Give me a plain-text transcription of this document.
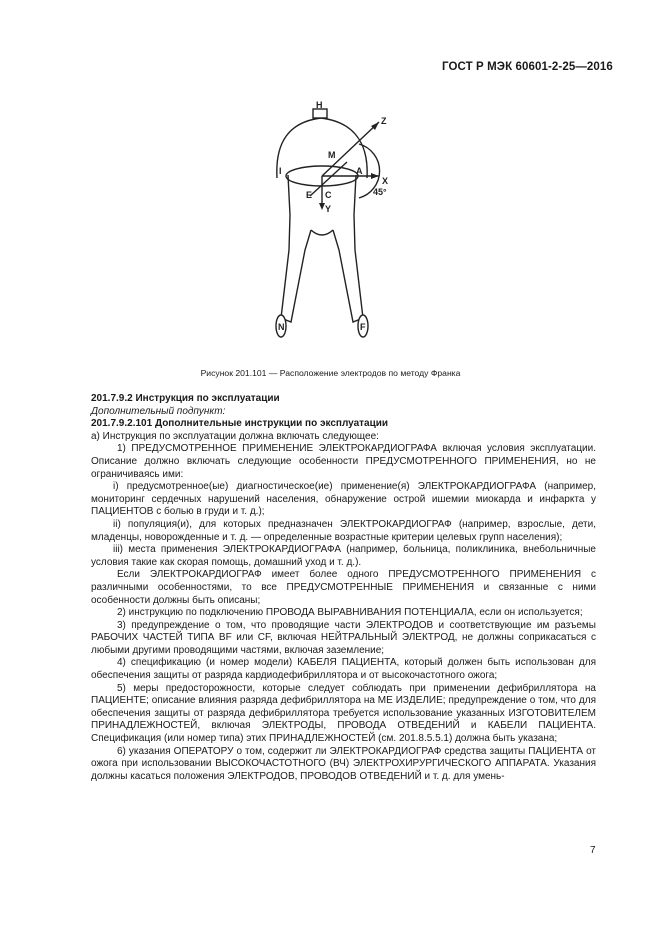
ГОСТ Р МЭК 60601-2-25—2016
H
Z
M
I	A
E C
X
45°
Y
N	F
Рисунок 201.101 — Расположение электродов по методу Франка

201.7.9.2 Инструкция по эксплуатации

Дополнительный подпункт:

201.7.9.2.101 Дополнительные инструкции по эксплуатации

а) Инструкция по эксплуатации должна включать следующее:

1) ПРЕДУСМОТРЕННОЕ ПРИМЕНЕНИЕ ЭЛЕКТРОКАРДИОГРАФА включая условия эксплуатации. Описание должно включать следующие особенности ПРЕДУСМОТРЕННОГО ПРИМЕНЕНИЯ, но не ограничиваясь ими:

i) предусмотренное(ые) диагностическое(ие) применение(я) ЭЛЕКТРОКАРДИОГРАФА (например, мониторинг сердечных нарушений населения, обнаружение острой ишемии миокарда и инфаркта у ПАЦИЕНТОВ с болью в груди и т. д.);

ii) популяция(и), для которых предназначен ЭЛЕКТРОКАРДИОГРАФ (например, взрослые, дети, младенцы, новорожденные и т. д. — определенные возрастные критерии целевых групп населения);

iii) места применения ЭЛЕКТРОКАРДИОГРАФА (например, больница, поликлиника, внебольничные условия такие как скорая помощь, домашний уход и т. д.).

Если ЭЛЕКТРОКАРДИОГРАФ имеет более одного ПРЕДУСМОТРЕННОГО ПРИМЕНЕНИЯ с различными особенностями, то все ПРЕДУСМОТРЕННЫЕ ПРИМЕНЕНИЯ и связанные с ними особенности должны быть описаны;

2) инструкцию по подключению ПРОВОДА ВЫРАВНИВАНИЯ ПОТЕНЦИАЛА, если он используется;

3) предупреждение о том, что проводящие части ЭЛЕКТРОДОВ и соответствующие им разъемы РАБОЧИХ ЧАСТЕЙ ТИПА BF или CF, включая НЕЙТРАЛЬНЫЙ ЭЛЕКТРОД, не должны соприкасаться с любыми другими проводящими частями, включая заземление;

4) спецификацию (и номер модели) КАБЕЛЯ ПАЦИЕНТА, который должен быть использован для обеспечения защиты от разряда кардиодефибриллятора и от высокочастотного ожога;

5) меры предосторожности, которые следует соблюдать при применении дефибриллятора на ПАЦИЕНТЕ; описание влияния разряда дефибриллятора на МЕ ИЗДЕЛИЕ; предупреждение о том, что для обеспечения защиты от разряда дефибриллятора требуется использование указанных ИЗГОТОВИТЕЛЕМ ПРИНАДЛЕЖНОСТЕЙ, включая ЭЛЕКТРОДЫ, ПРОВОДА ОТВЕДЕНИЙ и КАБЕЛИ ПАЦИЕНТА. Спецификация (или номер типа) этих ПРИНАДЛЕЖНОСТЕЙ (см. 201.8.5.5.1) должна быть указана;

6) указания ОПЕРАТОРУ о том, содержит ли ЭЛЕКТРОКАРДИОГРАФ средства защиты ПАЦИЕНТА от ожога при использовании ВЫСОКОЧАСТОТНОГО (ВЧ) ЭЛЕКТРОХИРУРГИЧЕСКОГО АППАРАТА. Указания должны касаться положения ЭЛЕКТРОДОВ, ПРОВОДОВ ОТВЕДЕНИЙ и т. д. для умень-

7
